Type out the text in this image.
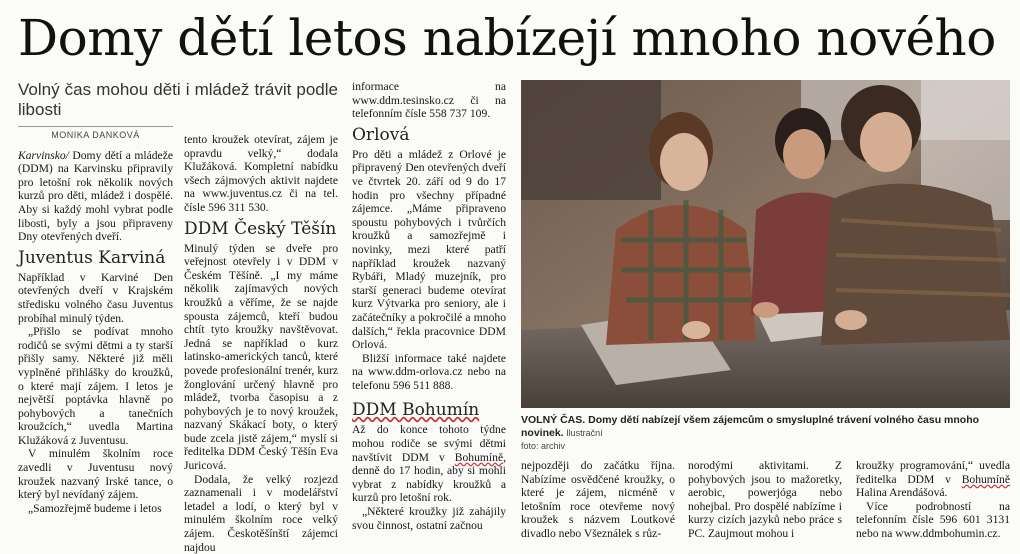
Domy dětí letos nabízejí mnoho nového
Volný čas mohou děti i mládež trávit podle libosti
MONIKA DANKOVÁ

Karvinsko/ Domy dětí a mládeže (DDM) na Karvinsku připravily pro letošní rok několik nových kurzů pro děti, mládež i dospělé. Aby si každý mohl vybrat podle libosti, byly a jsou připraveny Dny otevřených dveří.

Juventus Karviná

Například v Karviné Den otevřených dveří v Krajském středisku volného času Juventus probíhal minulý týden.

„Přišlo se podívat mnoho rodičů se svými dětmi a ty starší přišly samy. Některé již měli vyplněné přihlášky do kroužků, o které mají zájem. I letos je největší poptávka hlavně po pohybových a tanečních kroužcích,“ uvedla Martina Klužáková z Juventusu.

V minulém školním roce zavedli v Juventusu nový kroužek nazvaný Irské tance, o který byl nevídaný zájem.

„Samozřejmě budeme i letos

tento kroužek otevírat, zájem je opravdu velký,“ dodala Klužáková. Kompletní nabídku všech zájmových aktivit najdete na www.juventus.cz či na tel. čísle 596 311 530.

DDM Český Těšín

Minulý týden se dveře pro veřejnost otevřely i v DDM v Českém Těšíně. „I my máme několik zajímavých nových kroužků a věříme, že se najde spousta zájemců, kteří budou chtít tyto kroužky navštěvovat. Jedná se například o kurz latinsko-amerických tanců, které povede profesionální trenér, kurz žonglování určený hlavně pro mládež, tvorba časopisu a z pohybových je to nový kroužek, nazvaný Skákací boty, o který bude zcela jistě zájem,“ myslí si ředitelka DDM Český Těšín Eva Juricová.

Dodala, že velký rozjezd zaznamenali i v modelářství letadel a lodí, o který byl v minulém školním roce velký zájem. Českotěšínští zájemci najdou

informace na www.ddm.tesinsko.cz či na telefonním čísle 558 737 109.

Orlová

Pro děti a mládež z Orlové je připravený Den otevřených dveří ve čtvrtek 20. září od 9 do 17 hodin pro všechny případné zájemce. „Máme připraveno spoustu pohybových i tvůrčích kroužků a samozřejmě i novinky, mezi které patří například kroužek nazvaný Rybáři, Mladý muzejník, pro starší generaci budeme otevírat kurz Výtvarka pro seniory, ale i začátečníky a pokročilé a mnoho dalších,“ řekla pracovnice DDM Orlová.

Bližší informace také najdete na www.ddm-orlova.cz nebo na telefonu 596 511 888.

DDM Bohumín

Až do konce tohoto týdne mohou rodiče se svými dětmi navštívit DDM v Bohumíně, denně do 17 hodin, aby si mohli vybrat z nabídky kroužků a kurzů pro letošní rok.

„Některé kroužky již zahájily svou činnost, ostatní začnou

VOLNÝ ČAS. Domy dětí nabízejí všem zájemcům o smysluplné trávení volného času mnoho novinek. Ilustrační
foto: archiv

nejpozději do začátku října. Nabízíme osvědčené kroužky, o které je zájem, nicméně v letošním roce otevřeme nový kroužek s názvem Loutkové divadlo nebo Všeználek s růz-

norodými aktivitami. Z pohybových jsou to mažoretky, aerobic, powerjóga nebo nohejbal. Pro dospělé nabízíme i kurzy cizích jazyků nebo práce s PC. Zaujmout mohou i

kroužky programování,“ uvedla ředitelka DDM v Bohumíně Halina Arendášová.

Více podrobností na telefonním čísle 596 601 3131 nebo na www.ddmbohumin.cz.
